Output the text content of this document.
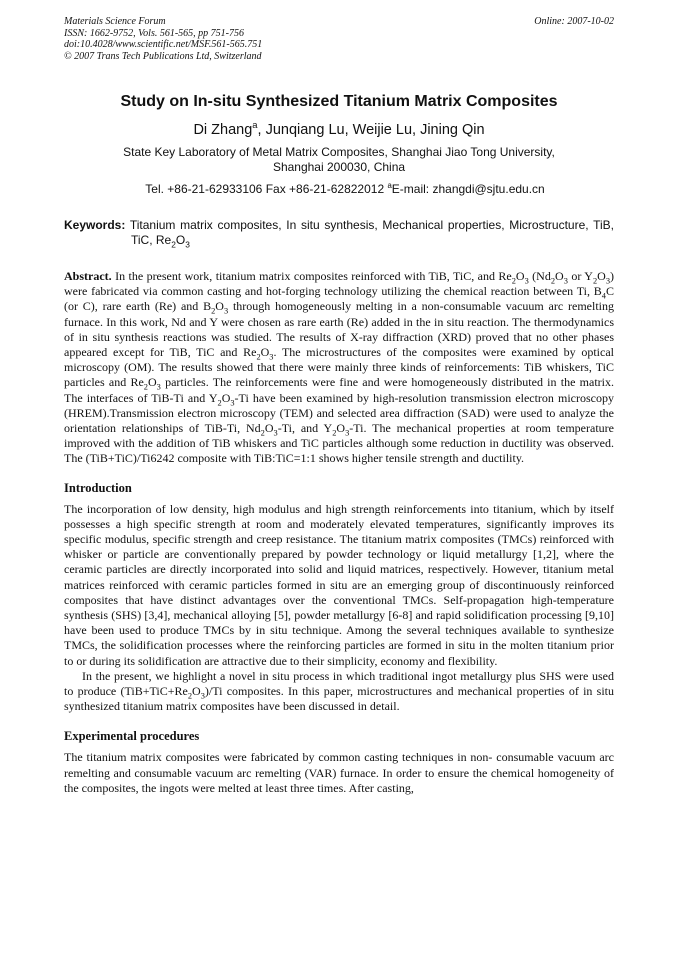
Materials Science Forum
ISSN: 1662-9752, Vols. 561-565, pp 751-756
doi:10.4028/www.scientific.net/MSF.561-565.751
© 2007 Trans Tech Publications Ltd, Switzerland
Online: 2007-10-02
Study on In-situ Synthesized Titanium Matrix Composites
Di Zhang$^a$, Junqiang Lu, Weijie Lu, Jining Qin
State Key Laboratory of Metal Matrix Composites, Shanghai Jiao Tong University,
Shanghai 200030, China
Tel. +86-21-62933106 Fax +86-21-62822012 $^a$E-mail: zhangdi@sjtu.edu.cn
Keywords: Titanium matrix composites, In situ synthesis, Mechanical properties, Microstructure, TiB, TiC, $Re_2O_3$

Abstract. In the present work, titanium matrix composites reinforced with TiB, TiC, and $Re_2O_3$ ($Nd_2O_3$ or $Y_2O_3$) were fabricated via common casting and hot-forging technology utilizing the chemical reaction between Ti, $B_4C$ (or C), rare earth (Re) and $B_2O_3$ through homogeneously melting in a non-consumable vacuum arc remelting furnace. In this work, Nd and Y were chosen as rare earth (Re) added in the in situ reaction. The thermodynamics of in situ synthesis reactions was studied. The results of X-ray diffraction (XRD) proved that no other phases appeared except for TiB, TiC and $Re_2O_3$. The microstructures of the composites were examined by optical microscopy (OM). The results showed that there were mainly three kinds of reinforcements: TiB whiskers, TiC particles and $Re_2O_3$ particles. The reinforcements were fine and were homogeneously distributed in the matrix. The interfaces of TiB-Ti and $Y_2O_3-Ti$ have been examined by high-resolution transmission electron microscopy (HREM).Transmission electron microscopy (TEM) and selected area diffraction (SAD) were used to analyze the orientation relationships of TiB-Ti, $Nd_2O_3-Ti$, and $Y_2O_3-Ti$. The mechanical properties at room temperature improved with the addition of TiB whiskers and TiC particles although some reduction in ductility was observed. The (TiB+TiC)/Ti6242 composite with TiB:TiC=1:1 shows higher tensile strength and ductility.

Introduction

The incorporation of low density, high modulus and high strength reinforcements into titanium, which by itself possesses a high specific strength at room and moderately elevated temperatures, significantly improves its specific modulus, specific strength and creep resistance. The titanium matrix composites (TMCs) reinforced with whisker or particle are conventionally prepared by powder technology or liquid metallurgy [1,2], where the ceramic particles are directly incorporated into solid and liquid matrices, respectively. However, titanium metal matrices reinforced with ceramic particles formed in situ are an emerging group of discontinuously reinforced composites that have distinct advantages over the conventional TMCs. Self-propagation high-temperature synthesis (SHS) [3,4], mechanical alloying [5], powder metallurgy [6-8] and rapid solidification processing [9,10] have been used to produce TMCs by in situ technique. Among the several techniques available to synthesize TMCs, the solidification processes where the reinforcing particles are formed in situ in the molten titanium prior to or during its solidification are attractive due to their simplicity, economy and flexibility.

In the present, we highlight a novel in situ process in which traditional ingot metallurgy plus SHS were used to produce $(TiB+TiC+Re_2O_3)/Ti$ composites. In this paper, microstructures and mechanical properties of in situ synthesized titanium matrix composites have been discussed in detail.

Experimental procedures

The titanium matrix composites were fabricated by common casting techniques in non- consumable vacuum arc remelting and consumable vacuum arc remelting (VAR) furnace. In order to ensure the chemical homogeneity of the composites, the ingots were melted at least three times. After casting,
